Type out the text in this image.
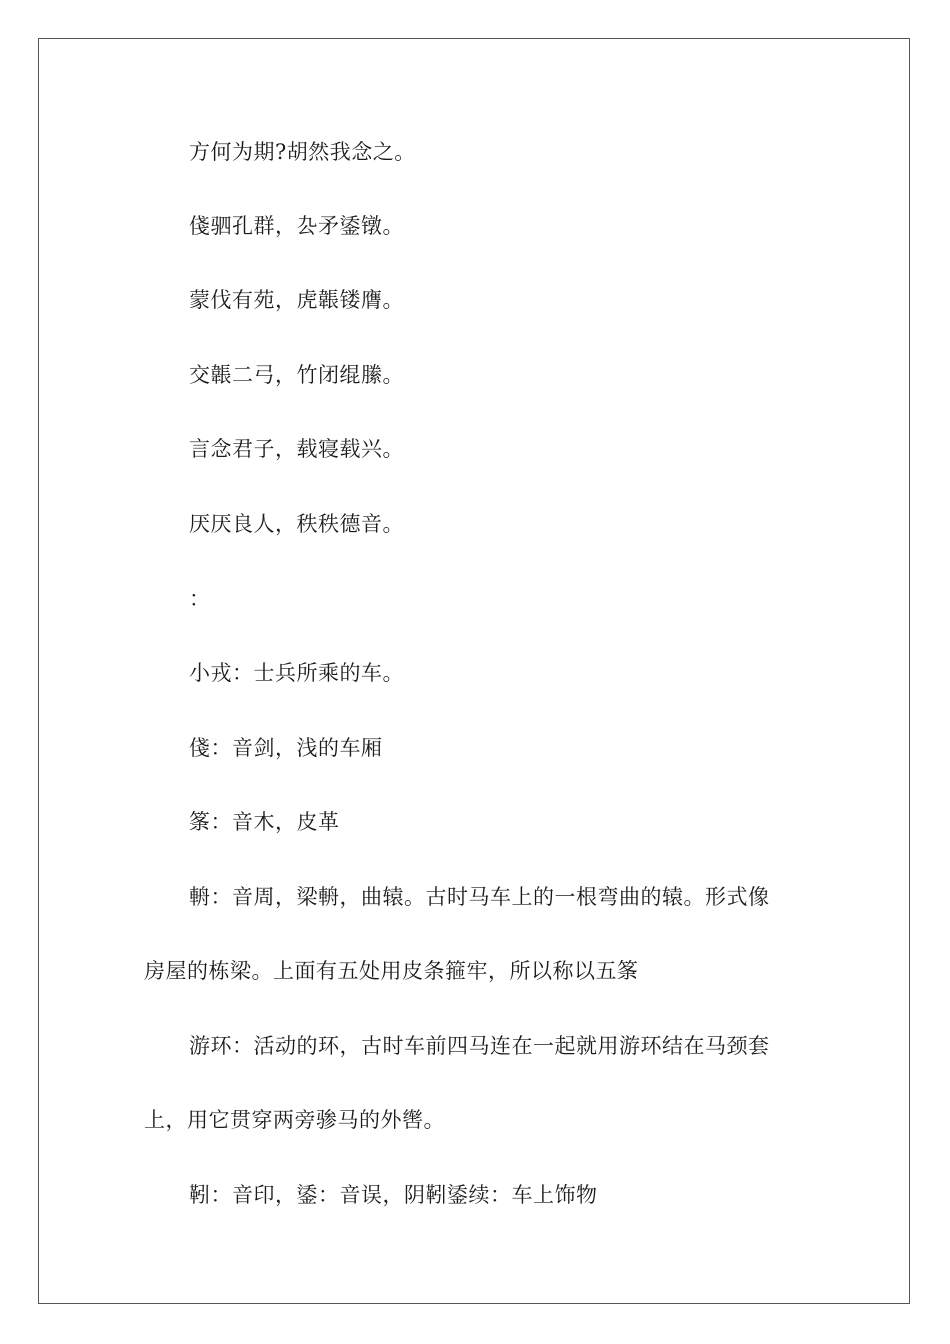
方何为期?胡然我念之。
俴驷孔群，厹矛鋈镦。
蒙伐有苑，虎韔镂膺。
交韔二弓，竹闭绲縢。
言念君子，载寝载兴。
厌厌良人，秩秩德音。
：
小戎：士兵所乘的车。
俴：音剑，浅的车厢
筿：音木，皮革
輈：音周，梁輈，曲辕。古时马车上的一根弯曲的辕。形式像
房屋的栋梁。上面有五处用皮条箍牢，所以称以五筿
游环：活动的环，古时车前四马连在一起就用游环结在马颈套
上，用它贯穿两旁骖马的外辔。
靷：音印，鋈：音误，阴靷鋈续：车上饰物
